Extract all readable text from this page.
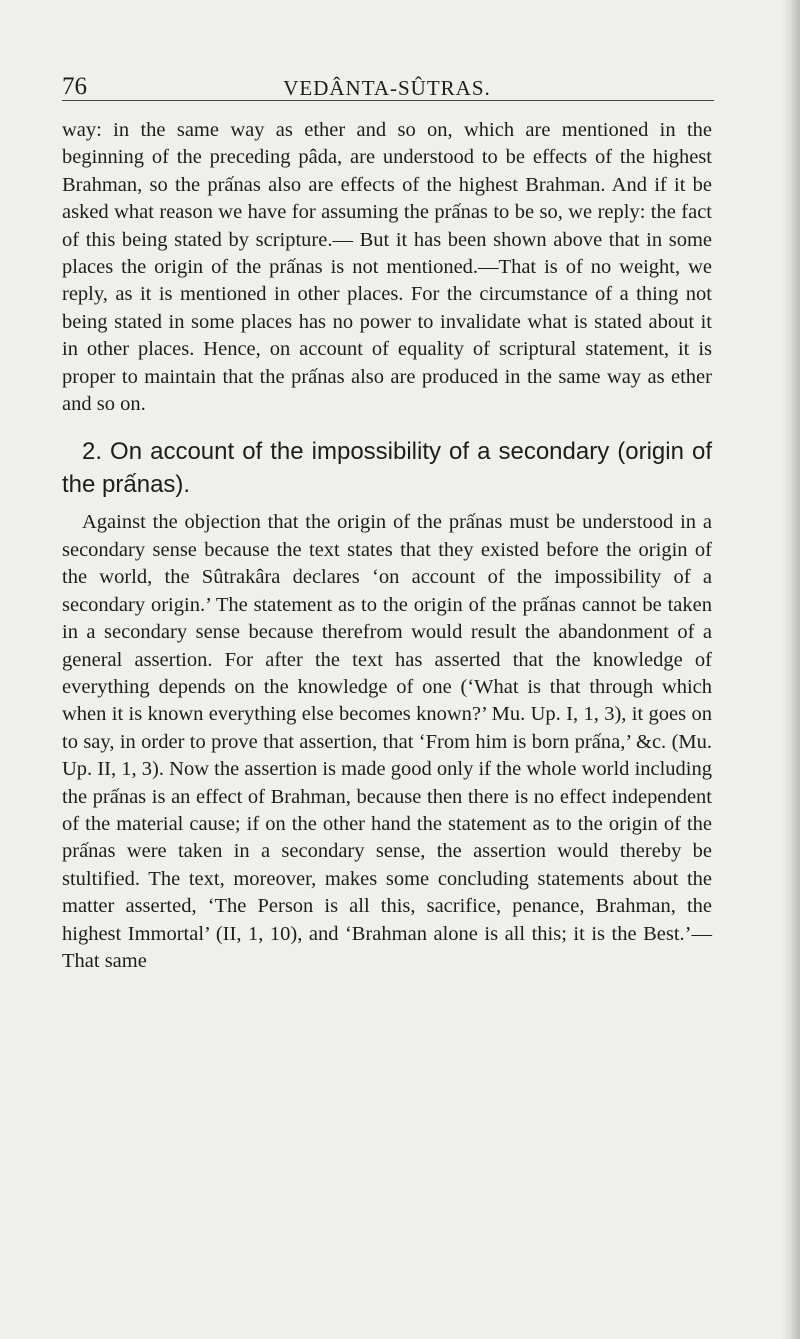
76	VEDÂNTA-SÛTRAS.

way: in the same way as ether and so on, which are mentioned in the beginning of the preceding pâda, are understood to be effects of the highest Brahman, so the prấnas also are effects of the highest Brahman. And if it be asked what reason we have for assuming the prấnas to be so, we reply: the fact of this being stated by scripture.— But it has been shown above that in some places the origin of the prấnas is not mentioned.—That is of no weight, we reply, as it is mentioned in other places. For the circumstance of a thing not being stated in some places has no power to invalidate what is stated about it in other places. Hence, on account of equality of scriptural statement, it is proper to maintain that the prấnas also are produced in the same way as ether and so on.

2. On account of the impossibility of a secondary (origin of the prấnas).

Against the objection that the origin of the prấnas must be understood in a secondary sense because the text states that they existed before the origin of the world, the Sûtrakâra declares ‘on account of the impossibility of a secondary origin.’ The statement as to the origin of the prấnas cannot be taken in a secondary sense because therefrom would result the abandonment of a general assertion. For after the text has asserted that the knowledge of everything depends on the knowledge of one (‘What is that through which when it is known everything else becomes known?’ Mu. Up. I, 1, 3), it goes on to say, in order to prove that assertion, that ‘From him is born prấna,’ &c. (Mu. Up. II, 1, 3). Now the assertion is made good only if the whole world including the prấnas is an effect of Brahman, because then there is no effect independent of the material cause; if on the other hand the statement as to the origin of the prấnas were taken in a secondary sense, the assertion would thereby be stultified. The text, moreover, makes some concluding statements about the matter asserted, ‘The Person is all this, sacrifice, penance, Brahman, the highest Immortal’ (II, 1, 10), and ‘Brahman alone is all this; it is the Best.’—That same
